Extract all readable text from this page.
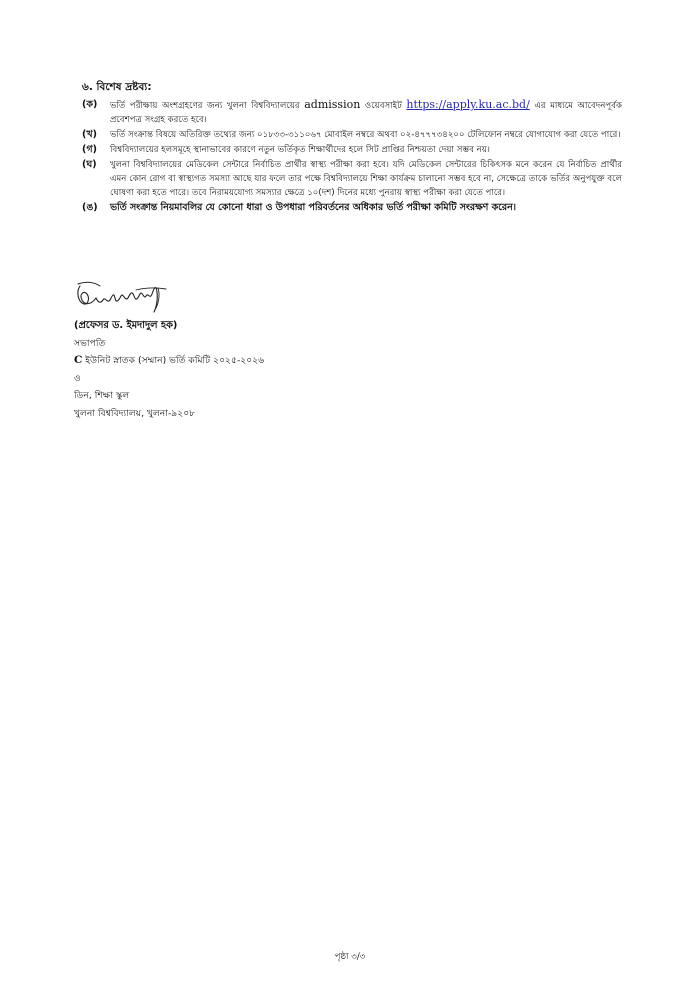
৬. বিশেষ দ্রষ্টব্য:
(ক)	ভর্তি পরীক্ষায় অংশগ্রহণের জন্য খুলনা বিশ্ববিদ্যালয়ের admission ওয়েবসাইট https://apply.ku.ac.bd/ এর মাধ্যমে আবেদনপূর্বক প্রবেশপত্র সংগ্রহ করতে হবে।
(খ)	ভর্তি সংক্রান্ত বিষয়ে অতিরিক্ত তথ্যের জন্য ০১৮৩৩-৩১১০৬৭ মোবাইল নম্বরে অথবা ০২-৪৭৭৭৩৪২০০ টেলিফোন নম্বরে যোগাযোগ করা যেতে পারে।
(গ)	বিশ্ববিদ্যালয়ের হলসমূহে স্থানাভাবের কারণে নতুন ভর্তিকৃত শিক্ষার্থীদের হলে সিট প্রাপ্তির নিশ্চয়তা দেয়া সম্ভব নয়।
(ঘ)	খুলনা বিশ্ববিদ্যালয়ের মেডিকেল সেন্টারে নির্বাচিত প্রার্থীর স্বাস্থ্য পরীক্ষা করা হবে। যদি মেডিকেল সেন্টারের চিকিৎসক মনে করেন যে নির্বাচিত প্রার্থীর এমন কোন রোগ বা স্বাস্থ্যগত সমস্যা আছে যার ফলে তার পক্ষে বিশ্ববিদ্যালয়ে শিক্ষা কার্যক্রম চালানো সম্ভব হবে না, সেক্ষেত্রে তাকে ভর্তির অনুপযুক্ত বলে ঘোষণা করা হতে পারে। তবে নিরাময়যোগ্য সমস্যার ক্ষেত্রে ১০(দশ) দিনের মধ্যে পুনরায় স্বাস্থ্য পরীক্ষা করা যেতে পারে।
(ঙ)	ভর্তি সংক্রান্ত নিয়মাবলির যে কোনো ধারা ও উপধারা পরিবর্তনের অধিকার ভর্তি পরীক্ষা কমিটি সংরক্ষণ করেন।
(প্রফেসর ড. ইমদাদুল হক)
সভাপতি
C ইউনিট স্নাতক (সম্মান) ভর্তি কমিটি ২০২৫-২০২৬
ও
ডিন, শিক্ষা স্কুল
খুলনা বিশ্ববিদ্যালয়, খুলনা-৯২০৮
পৃষ্ঠা ৩/৩
